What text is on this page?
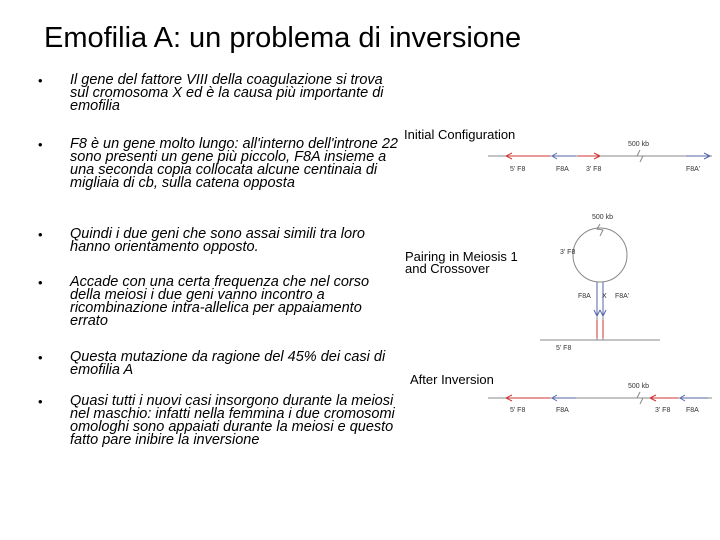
Emofilia A: un problema di inversione
• Il gene del fattore VIII della coagulazione si trova sul cromosoma X ed è la causa più importante di emofilia
• F8 è un gene molto lungo: all'interno dell'introne 22 sono presenti un gene più piccolo, F8A insieme a una seconda copia collocata alcune centinaia di migliaia di cb, sulla catena opposta
• Quindi i due geni che sono assai simili tra loro hanno orientamento opposto.
• Accade con una certa frequenza che nel corso della meiosi i due geni vanno incontro a ricombinazione intra-allelica per appaiamento errato
• Questa mutazione da ragione del 45% dei casi di emofilia A
• Quasi tutti i nuovi casi insorgono durante la meiosi nel maschio: infatti nella femmina i due cromosomi omologhi sono appaiati durante la meiosi e questo fatto pare inibire la inversione
Initial Configuration
500 kb
5' F8	F8A 3' F8	F8A'
Pairing in Meiosis 1
and Crossover
500 kb
3' F8
F8A X F8A'
5' F8
After Inversion	500 kb
5' F8	F8A	3' F8 F8A
